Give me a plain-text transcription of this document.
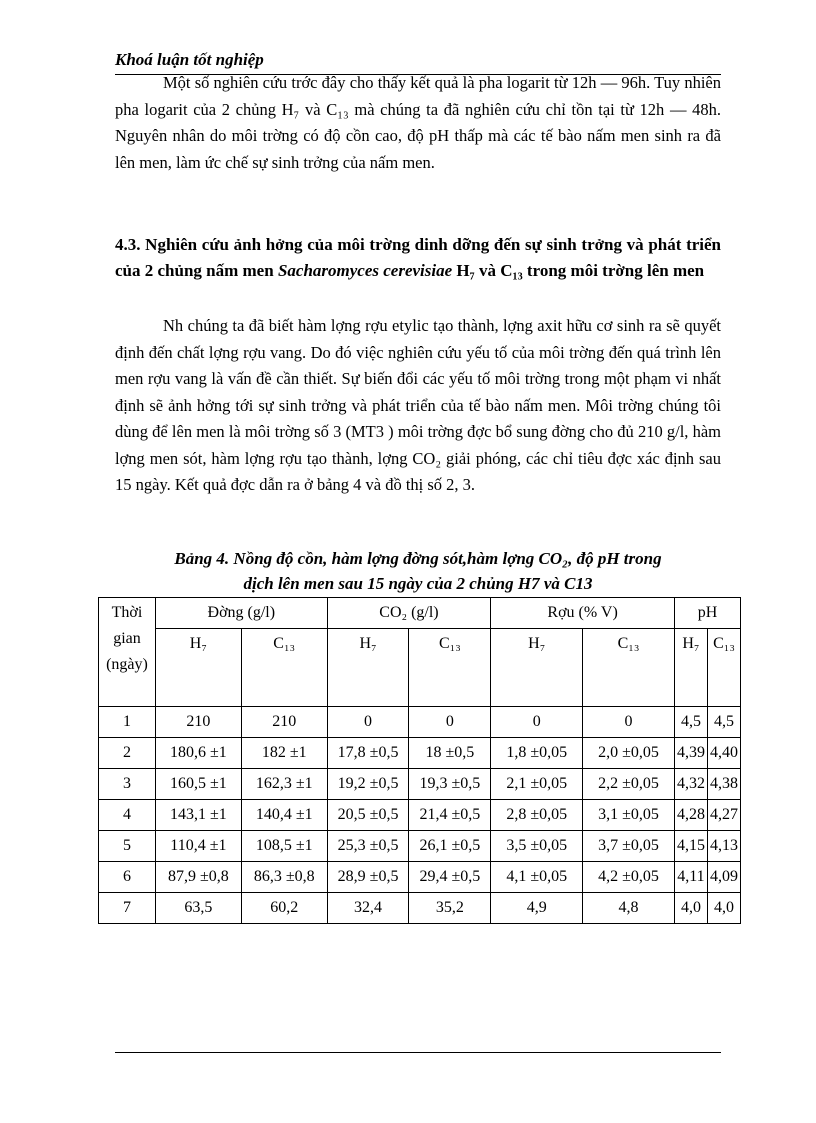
Khoá luận tốt nghiệp

Một số nghiên cứu trớc đây cho thấy kết quả là pha logarit từ 12h — 96h. Tuy nhiên pha logarit của 2 chủng H₇ và C₁₃ mà chúng ta đã nghiên cứu chỉ tồn tại từ 12h — 48h. Nguyên nhân do môi trờng có độ cồn cao, độ pH thấp mà các tế bào nấm men sinh ra đã lên men, làm ức chế sự sinh trởng của nấm men.

4.3. Nghiên cứu ảnh hởng của môi trờng dinh dỡng đến sự sinh trởng và phát triển của 2 chủng nấm men Sacharomyces cerevisiae H₇ và C₁₃ trong môi trờng lên men

Nh chúng ta đã biết hàm lợng rợu etylic tạo thành, lợng axit hữu cơ sinh ra sẽ quyết định đến chất lợng rợu vang. Do đó việc nghiên cứu yếu tố của môi trờng đến quá trình lên men rợu vang là vấn đề cần thiết. Sự biến đổi các yếu tố môi trờng trong một phạm vi nhất định sẽ ảnh hởng tới sự sinh trởng và phát triển của tế bào nấm men. Môi trờng chúng tôi dùng để lên men là môi trờng số 3 (MT3 ) môi trờng đợc bổ sung đờng cho đủ 210 g/l, hàm lợng men sót, hàm lợng rợu tạo thành, lợng CO₂ giải phóng, các chỉ tiêu đợc xác định sau 15 ngày. Kết quả đợc dẫn ra ở bảng 4 và đồ thị số 2, 3.

Bảng 4. Nồng độ cồn, hàm lợng đờng sót,hàm lợng CO₂, độ pH trong
dịch lên men sau 15 ngày của 2 chủng H7 và C13
Thời gian (ngày)	Đờng (g/l)		CO₂ (g/l)		Rợu (% V)		pH	
	H₇	C₁₃	H₇	C₁₃	H₇	C₁₃	H₇	C₁₃
1	210	210	0	0	0	0	4,5	4,5
2	180,6 ±1	182 ±1	17,8 ±0,5	18 ±0,5	1,8 ±0,05	2,0 ±0,05	4,39	4,40
3	160,5 ±1	162,3 ±1	19,2 ±0,5	19,3 ±0,5	2,1 ±0,05	2,2 ±0,05	4,32	4,38
4	143,1 ±1	140,4 ±1	20,5 ±0,5	21,4 ±0,5	2,8 ±0,05	3,1 ±0,05	4,28	4,27
5	110,4 ±1	108,5 ±1	25,3 ±0,5	26,1 ±0,5	3,5 ±0,05	3,7 ±0,05	4,15	4,13
6	87,9 ±0,8	86,3 ±0,8	28,9 ±0,5	29,4 ±0,5	4,1 ±0,05	4,2 ±0,05	4,11	4,09
7	63,5	60,2	32,4	35,2	4,9	4,8	4,0	4,0
